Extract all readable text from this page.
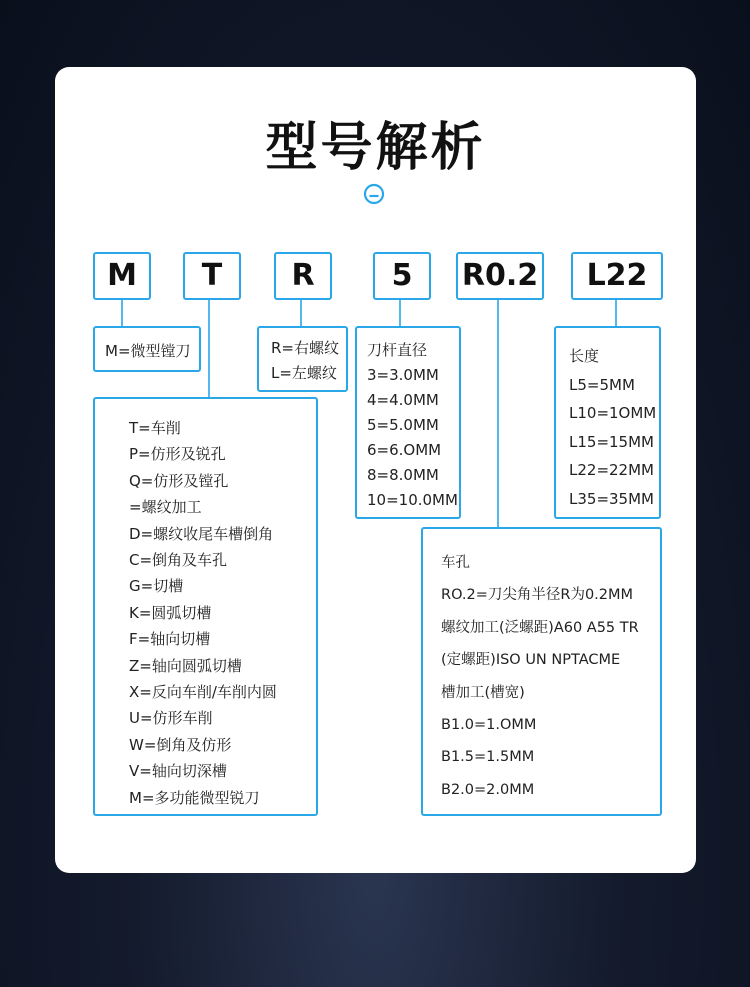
型号解析
M	T	R	5	R0.2	L22
M=微型镗刀	R=右螺纹
L=左螺纹
刀杆直径
3=3.0MM
4=4.0MM
5=5.0MM
6=6.OMM
8=8.0MM
10=10.0MM
长度
L5=5MM
L10=1OMM
L15=15MM
L22=22MM
L35=35MM
T=车削
P=仿形及锐孔
Q=仿形及镗孔
=螺纹加工
D=螺纹收尾车槽倒角
C=倒角及车孔
G=切槽
K=圆弧切槽
F=轴向切槽
Z=轴向圆弧切槽
X=反向车削/车削内圆
U=仿形车削
W=倒角及仿形
V=轴向切深槽
M=多功能微型锐刀
车孔
RO.2=刀尖角半径R为0.2MM
螺纹加工(泛螺距)A60 A55 TR
(定螺距)ISO UN NPTACME
槽加工(槽宽)
B1.0=1.OMM
B1.5=1.5MM
B2.0=2.0MM
